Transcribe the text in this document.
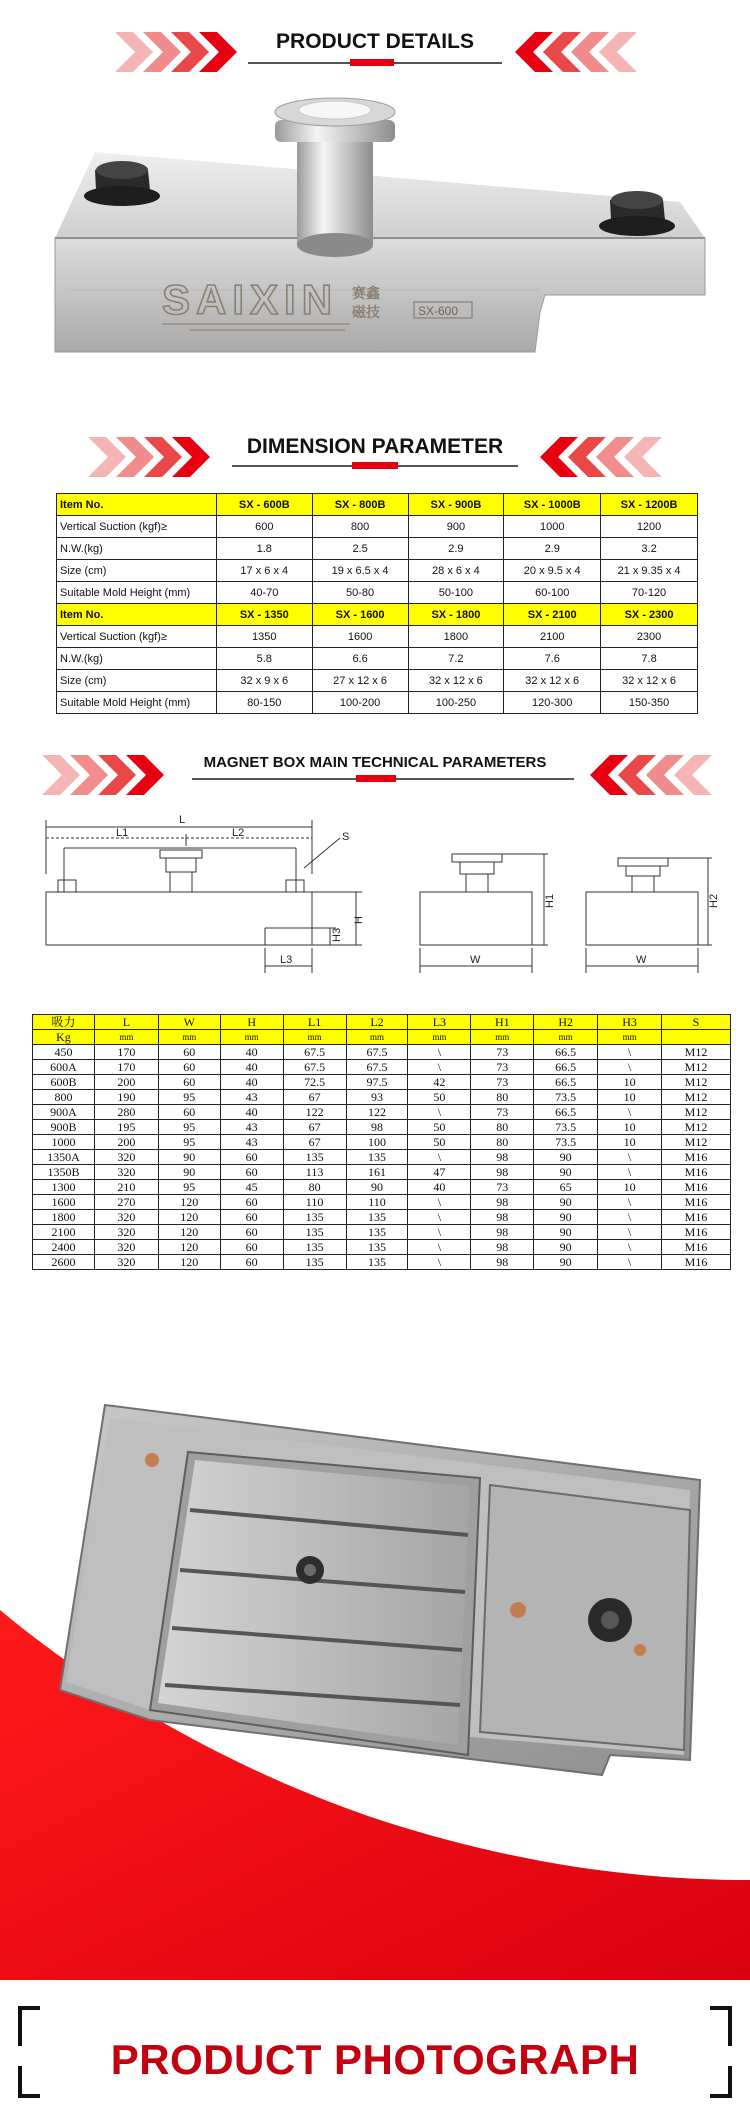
PRODUCT DETAILS
SAIXIN 赛鑫
磁技	SX-600
DIMENSION PARAMETER
Item No.	SX - 600B	SX - 800B	SX - 900B	SX - 1000B	SX - 1200B
Vertical Suction (kgf)≥	600	800	900	1000	1200
N.W.(kg)	1.8	2.5	2.9	2.9	3.2
Size (cm)	17 x 6 x 4	19 x 6.5 x 4	28 x 6 x 4	20 x 9.5 x 4	21 x 9.35 x 4
Suitable Mold Height (mm)	40-70	50-80	50-100	60-100	70-120
Item No.	SX - 1350	SX - 1600	SX - 1800	SX - 2100	SX - 2300
Vertical Suction (kgf)≥	1350	1600	1800	2100	2300
N.W.(kg)	5.8	6.6	7.2	7.6	7.8
Size (cm)	32 x 9 x 6	27 x 12 x 6	32 x 12 x 6	32 x 12 x 6	32 x 12 x 6
Suitable Mold Height (mm)	80-150	100-200	100-250	120-300	150-350
MAGNET BOX MAIN TECHNICAL PARAMETERS
L
L1	L2	S
H
H3
L3
H1
W
H2
W
吸力	L	W	H	L1	L2	L3	H1	H2	H3	S
Kg	mm	mm	mm	mm	mm	mm	mm	mm	mm	
450	170	60	40	67.5	67.5	\	73	66.5	\	M12
600A	170	60	40	67.5	67.5	\	73	66.5	\	M12
600B	200	60	40	72.5	97.5	42	73	66.5	10	M12
800	190	95	43	67	93	50	80	73.5	10	M12
900A	280	60	40	122	122	\	73	66.5	\	M12
900B	195	95	43	67	98	50	80	73.5	10	M12
1000	200	95	43	67	100	50	80	73.5	10	M12
1350A	320	90	60	135	135	\	98	90	\	M16
1350B	320	90	60	113	161	47	98	90	\	M16
1300	210	95	45	80	90	40	73	65	10	M16
1600	270	120	60	110	110	\	98	90	\	M16
1800	320	120	60	135	135	\	98	90	\	M16
2100	320	120	60	135	135	\	98	90	\	M16
2400	320	120	60	135	135	\	98	90	\	M16
2600	320	120	60	135	135	\	98	90	\	M16
PRODUCT PHOTOGRAPH
